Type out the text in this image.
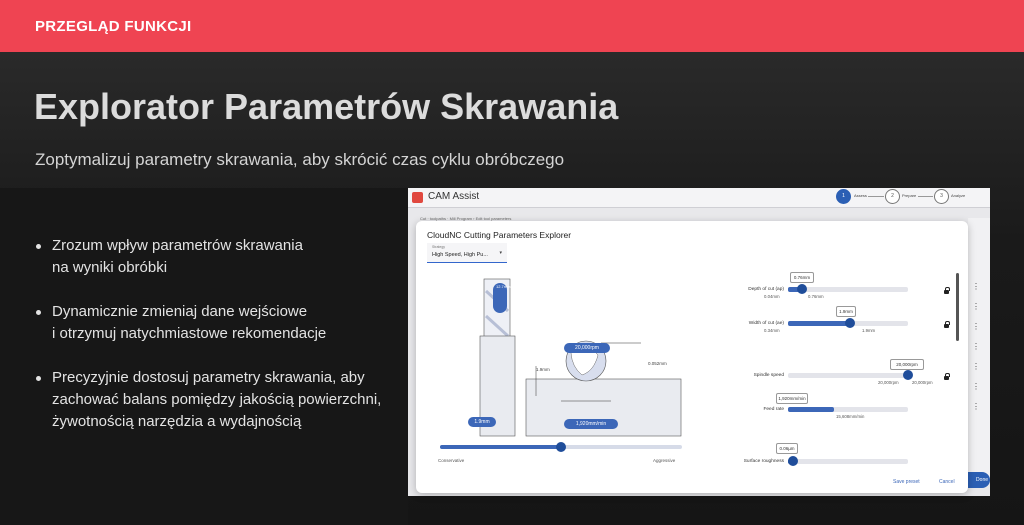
PRZEGLĄD FUNKCJI
Explorator Parametrów Skrawania
Zoptymalizuj parametry skrawania, aby skrócić czas cyklu obróbczego
Zrozum wpływ parametrów skrawania
na wyniki obróbki
Dynamicznie zmieniaj dane wejściowe
i otrzymuj natychmiastowe rekomendacje
Precyzyjnie dostosuj parametry skrawania, aby
zachować balans pomiędzy jakością powierzchni,
żywotnością narzędzia a wydajnością
CAM Assist	1	Assess	2	Prepare	3	Analyze
Cut · toolpaths · Mill Program › Edit tool parameters
⋮
⋮
⋮
⋮
⋮
⋮
⋮
Done
CloudNC Cutting Parameters Explorer
Strategy
High Speed, High Pu... ▾
12.7mm
20,000rpm
1,920mm/min
1.9mm
0.052mm
1.9mm
Conservative	Aggressive
Depth of cut (ap)
0.76mm
0.04mm	0.76mm
Width of cut (ae)
1.9mm
0.34mm	1.9mm
Spindle speed
20,000rpm
20,000rpm	20,000rpm
Feed rate
1,920mm/min
15,608mm/min
Surface roughness
0.06µm
Save preset	Cancel
